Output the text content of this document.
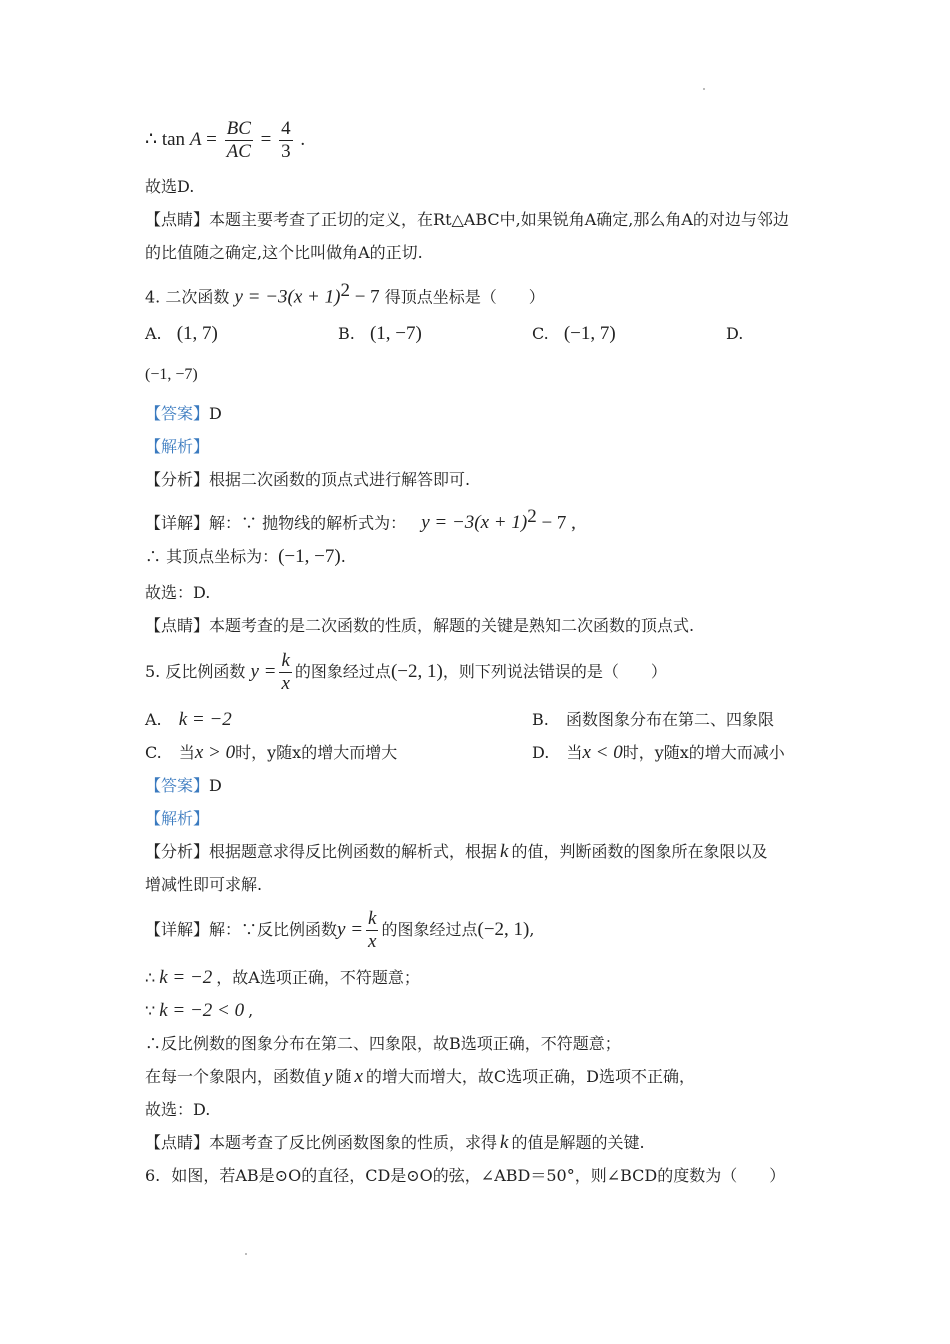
∴ $\tan A = \frac{BC}{AC} = \frac{4}{3}$ .
故选D.
【点睛】本题主要考查了正切的定义，在Rt△ABC中,如果锐角A确定,那么角A的对边与邻边
的比值随之确定,这个比叫做角A的正切.
4. 二次函数 $y = -3(x + 1)^2 - 7$ 得顶点坐标是（　　）
A. (1, 7)	B. (1, −7)	C. (−1, 7)	D.
(−1, −7)
【答案】D
【解析】
【分析】根据二次函数的顶点式进行解答即可.
【详解】解：∵ 抛物线的解析式为： $y = -3(x + 1)^2 - 7$ ,
∴ 其顶点坐标为：(−1, −7).
故选：D.
【点睛】本题考查的是二次函数的性质，解题的关键是熟知二次函数的顶点式.
5. 反比例函数 $y = \frac{k}{x}$ 的图象经过点(−2, 1)，则下列说法错误的是（　　）
A. k = −2	B. 函数图象分布在第二、四象限
C. 当x > 0时，y随x的增大而增大	D. 当x < 0时，y随x的增大而减小
【答案】D
【解析】
【分析】根据题意求得反比例函数的解析式，根据 k 的值，判断函数的图象所在象限以及
增减性即可求解.
【详解】解：∵反比例函数$y = \frac{k}{x}$ 的图象经过点(−2, 1),
∴ k = −2 ，故A选项正确，不符题意；
∵ k = −2 < 0 ,
∴反比例数的图象分布在第二、四象限，故B选项正确，不符题意；
在每一个象限内，函数值 y 随 x 的增大而增大，故C选项正确，D选项不正确，
故选：D.
【点睛】本题考查了反比例函数图象的性质，求得 k 的值是解题的关键.
6. 如图，若AB是⊙O的直径，CD是⊙O的弦，∠ABD＝50°，则∠BCD的度数为（　　）
